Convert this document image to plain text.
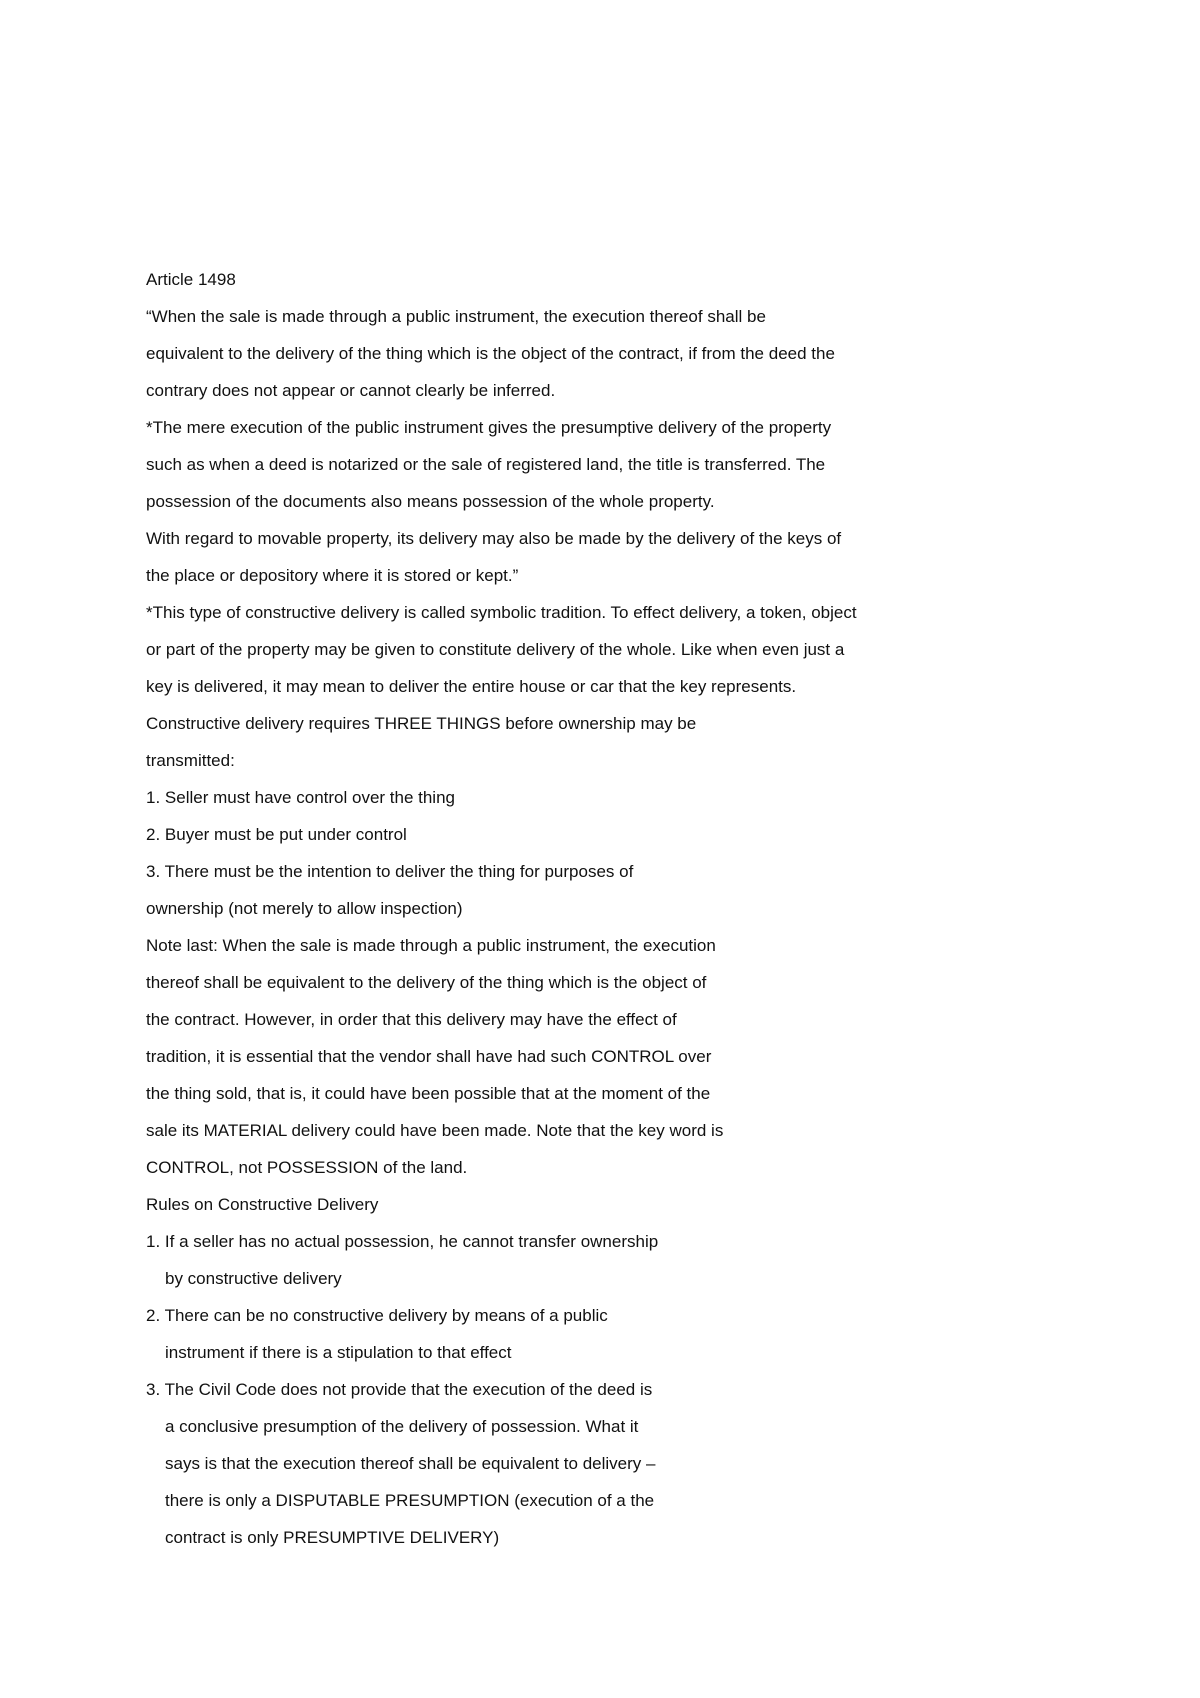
Article 1498
“When the sale is made through a public instrument, the execution thereof shall be
equivalent to the delivery of the thing which is the object of the contract, if from the deed the
contrary does not appear or cannot clearly be inferred.
*The mere execution of the public instrument gives the presumptive delivery of the property
such as when a deed is notarized or the sale of registered land, the title is transferred. The
possession of the documents also means possession of the whole property.
With regard to movable property, its delivery may also be made by the delivery of the keys of
the place or depository where it is stored or kept.”
*This type of constructive delivery is called symbolic tradition. To effect delivery, a token, object
or part of the property may be given to constitute delivery of the whole. Like when even just a
key is delivered, it may mean to deliver the entire house or car that the key represents.
Constructive delivery requires THREE THINGS before ownership may be
transmitted:
1. Seller must have control over the thing
2. Buyer must be put under control
3. There must be the intention to deliver the thing for purposes of
ownership (not merely to allow inspection)
Note last: When the sale is made through a public instrument, the execution
thereof shall be equivalent to the delivery of the thing which is the object of
the contract. However, in order that this delivery may have the effect of
tradition, it is essential that the vendor shall have had such CONTROL over
the thing sold, that is, it could have been possible that at the moment of the
sale its MATERIAL delivery could have been made. Note that the key word is
CONTROL, not POSSESSION of the land.
Rules on Constructive Delivery
1. If a seller has no actual possession, he cannot transfer ownership
by constructive delivery
2. There can be no constructive delivery by means of a public
instrument if there is a stipulation to that effect
3. The Civil Code does not provide that the execution of the deed is
a conclusive presumption of the delivery of possession. What it
says is that the execution thereof shall be equivalent to delivery –
there is only a DISPUTABLE PRESUMPTION (execution of a the
contract is only PRESUMPTIVE DELIVERY)
